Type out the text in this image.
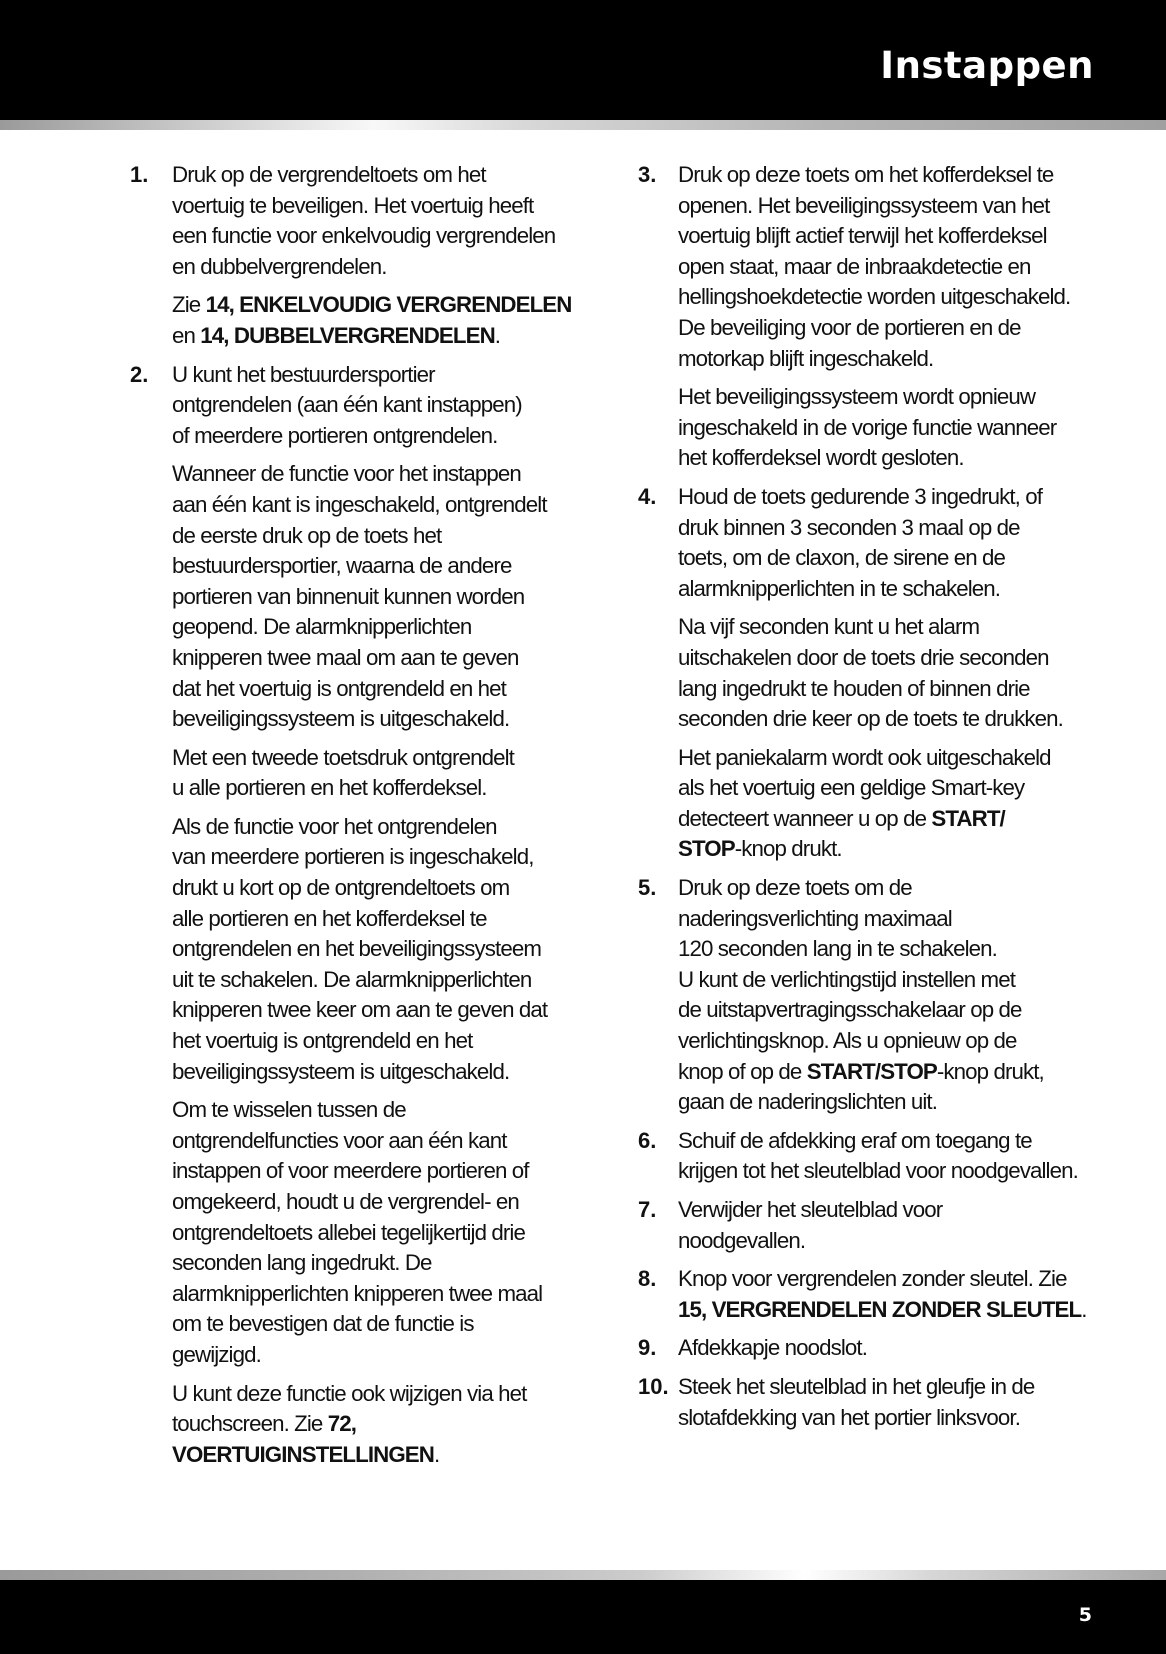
Instappen
1. Druk op de vergrendeltoets om het
voertuig te beveiligen. Het voertuig heeft
een functie voor enkelvoudig vergrendelen
en dubbelvergrendelen.
Zie 14, ENKELVOUDIG VERGRENDELEN
en 14, DUBBELVERGRENDELEN.
2. U kunt het bestuurdersportier
ontgrendelen (aan één kant instappen)
of meerdere portieren ontgrendelen.
Wanneer de functie voor het instappen
aan één kant is ingeschakeld, ontgrendelt
de eerste druk op de toets het
bestuurdersportier, waarna de andere
portieren van binnenuit kunnen worden
geopend. De alarmknipperlichten
knipperen twee maal om aan te geven
dat het voertuig is ontgrendeld en het
beveiligingssysteem is uitgeschakeld.
Met een tweede toetsdruk ontgrendelt
u alle portieren en het kofferdeksel.
Als de functie voor het ontgrendelen
van meerdere portieren is ingeschakeld,
drukt u kort op de ontgrendeltoets om
alle portieren en het kofferdeksel te
ontgrendelen en het beveiligingssysteem
uit te schakelen. De alarmknipperlichten
knipperen twee keer om aan te geven dat
het voertuig is ontgrendeld en het
beveiligingssysteem is uitgeschakeld.
Om te wisselen tussen de
ontgrendelfuncties voor aan één kant
instappen of voor meerdere portieren of
omgekeerd, houdt u de vergrendel- en
ontgrendeltoets allebei tegelijkertijd drie
seconden lang ingedrukt. De
alarmknipperlichten knipperen twee maal
om te bevestigen dat de functie is
gewijzigd.
U kunt deze functie ook wijzigen via het
touchscreen. Zie 72,
VOERTUIGINSTELLINGEN.
3. Druk op deze toets om het kofferdeksel te
openen. Het beveiligingssysteem van het
voertuig blijft actief terwijl het kofferdeksel
open staat, maar de inbraakdetectie en
hellingshoekdetectie worden uitgeschakeld.
De beveiliging voor de portieren en de
motorkap blijft ingeschakeld.
Het beveiligingssysteem wordt opnieuw
ingeschakeld in de vorige functie wanneer
het kofferdeksel wordt gesloten.
4. Houd de toets gedurende 3 ingedrukt, of
druk binnen 3 seconden 3 maal op de
toets, om de claxon, de sirene en de
alarmknipperlichten in te schakelen.
Na vijf seconden kunt u het alarm
uitschakelen door de toets drie seconden
lang ingedrukt te houden of binnen drie
seconden drie keer op de toets te drukken.
Het paniekalarm wordt ook uitgeschakeld
als het voertuig een geldige Smart-key
detecteert wanneer u op de START/
STOP-knop drukt.
5. Druk op deze toets om de
naderingsverlichting maximaal
120 seconden lang in te schakelen.
U kunt de verlichtingstijd instellen met
de uitstapvertragingsschakelaar op de
verlichtingsknop. Als u opnieuw op de
knop of op de START/STOP-knop drukt,
gaan de naderingslichten uit.
6. Schuif de afdekking eraf om toegang te
krijgen tot het sleutelblad voor noodgevallen.
7. Verwijder het sleutelblad voor
noodgevallen.
8. Knop voor vergrendelen zonder sleutel. Zie
15, VERGRENDELEN ZONDER SLEUTEL.
9. Afdekkapje noodslot.
10. Steek het sleutelblad in het gleufje in de
slotafdekking van het portier linksvoor.
5
